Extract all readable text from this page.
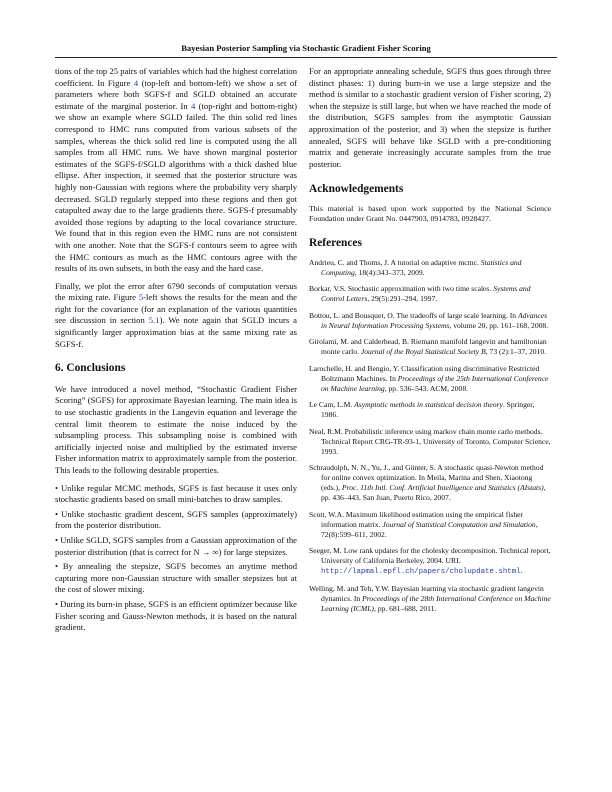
Bayesian Posterior Sampling via Stochastic Gradient Fisher Scoring

tions of the top 25 pairs of variables which had the highest correlation coefficient. In Figure 4 (top-left and bottom-left) we show a set of parameters where both SGFS-f and SGLD obtained an accurate estimate of the marginal posterior. In 4 (top-right and bottom-right) we show an example where SGLD failed. The thin solid red lines correspond to HMC runs computed from various subsets of the samples, whereas the thick solid red line is computed using the all samples from all HMC runs. We have shown marginal posterior estimates of the SGFS-f/SGLD algorithms with a thick dashed blue ellipse. After inspection, it seemed that the posterior structure was highly non-Gaussian with regions where the probability very sharply decreased. SGLD regularly stepped into these regions and then got catapulted away due to the large gradients there. SGFS-f presumably avoided those regions by adapting to the local covariance structure. We found that in this region even the HMC runs are not consistent with one another. Note that the SGFS-f contours seem to agree with the HMC contours as much as the HMC contours agree with the results of its own subsets, in both the easy and the hard case.

Finally, we plot the error after 6790 seconds of computation versus the mixing rate. Figure 5-left shows the results for the mean and the right for the covariance (for an explanation of the various quantities see discussion in section 5.1). We note again that SGLD incurs a significantly larger approximation bias at the same mixing rate as SGFS-f.

6. Conclusions

We have introduced a novel method, “Stochastic Gradient Fisher Scoring” (SGFS) for approximate Bayesian learning. The main idea is to use stochastic gradients in the Langevin equation and leverage the central limit theorem to estimate the noise induced by the subsampling process. This subsampling noise is combined with artificially injected noise and multiplied by the estimated inverse Fisher information matrix to approximately sample from the posterior. This leads to the following desirable properties.

• Unlike regular MCMC methods, SGFS is fast because it uses only stochastic gradients based on small mini-batches to draw samples.
• Unlike stochastic gradient descent, SGFS samples (approximately) from the posterior distribution.
• Unlike SGLD, SGFS samples from a Gaussian approximation of the posterior distribution (that is correct for N → ∞) for large stepsizes.
• By annealing the stepsize, SGFS becomes an anytime method capturing more non-Gaussian structure with smaller stepsizes but at the cost of slower mixing.
• During its burn-in phase, SGFS is an efficient optimizer because like Fisher scoring and Gauss-Newton methods, it is based on the natural gradient.

For an appropriate annealing schedule, SGFS thus goes through three distinct phases: 1) during burn-in we use a large stepsize and the method is similar to a stochastic gradient version of Fisher scoring, 2) when the stepsize is still large, but when we have reached the mode of the distribution, SGFS samples from the asymptotic Gaussian approximation of the posterior, and 3) when the stepsize is further annealed, SGFS will behave like SGLD with a pre-conditioning matrix and generate increasingly accurate samples from the true posterior.

Acknowledgements

This material is based upon work supported by the National Science Foundation under Grant No. 0447903, 0914783, 0928427.

References
Andrieu, C. and Thoms, J. A tutorial on adaptive mcmc. Statistics and Computing, 18(4):343–373, 2009.
Borkar, V.S. Stochastic approximation with two time scales. Systems and Control Letters, 29(5):291–294, 1997.
Bottou, L. and Bousquet, O. The tradeoffs of large scale learning. In Advances in Neural Information Processing Systems, volume 20, pp. 161–168, 2008.
Girolami, M. and Calderhead, B. Riemann manifold langevin and hamiltonian monte carlo. Journal of the Royal Statistical Society B, 73 (2):1–37, 2010.
Larochelle, H. and Bengio, Y. Classification using discriminative Restricted Boltzmann Machines. In Proceedings of the 25th International Conference on Machine learning, pp. 536–543. ACM, 2008.
Le Cam, L.M. Asymptotic methods in statistical decision theory. Springer, 1986.
Neal, R.M. Probabilistic inference using markov chain monte carlo methods. Technical Report CRG-TR-93-1, University of Toronto, Computer Science, 1993.
Schraudolph, N. N., Yu, J., and Günter, S. A stochastic quasi-Newton method for online convex optimization. In Meila, Marina and Shen, Xiaotong (eds.), Proc. 11th Intl. Conf. Artificial Intelligence and Statistics (AIstats), pp. 436–443, San Juan, Puerto Rico, 2007.
Scott, W.A. Maximum likelihood estimation using the empirical fisher information matrix. Journal of Statistical Computation and Simulation, 72(8):599–611, 2002.
Seeger, M. Low rank updates for the cholesky decomposition. Technical report, University of California Berkeley, 2004. URL http://lapmal.epfl.ch/papers/cholupdate.shtml.
Welling, M. and Teh, Y.W. Bayesian learning via stochastic gradient langevin dynamics. In Proceedings of the 28th International Conference on Machine Learning (ICML), pp. 681–688, 2011.
